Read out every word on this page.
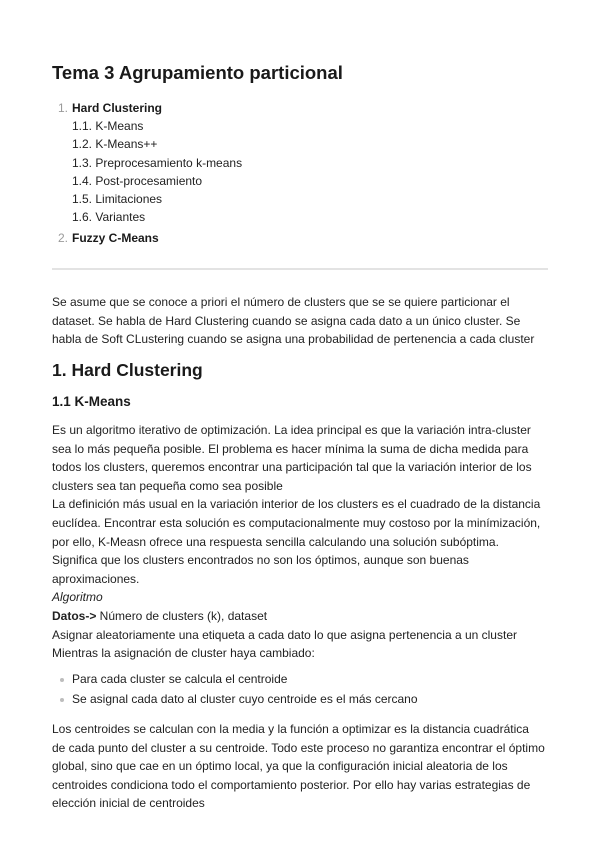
Tema 3 Agrupamiento particional
1. Hard Clustering
1.1. K-Means
1.2. K-Means++
1.3. Preprocesamiento k-means
1.4. Post-procesamiento
1.5. Limitaciones
1.6. Variantes
2. Fuzzy C-Means

Se asume que se conoce a priori el número de clusters que se se quiere particionar el
dataset. Se habla de Hard Clustering cuando se asigna cada dato a un único cluster. Se
habla de Soft CLustering cuando se asigna una probabilidad de pertenencia a cada cluster

1. Hard Clustering
1.1 K-Means

Es un algoritmo iterativo de optimización. La idea principal es que la variación intra-cluster
sea lo más pequeña posible. El problema es hacer mínima la suma de dicha medida para
todos los clusters, queremos encontrar una participación tal que la variación interior de los
clusters sea tan pequeña como sea posible
La definición más usual en la variación interior de los clusters es el cuadrado de la distancia
euclídea. Encontrar esta solución es computacionalmente muy costoso por la minímización,
por ello, K-Measn ofrece una respuesta sencilla calculando una solución subóptima.
Significa que los clusters encontrados no son los óptimos, aunque son buenas
aproximaciones.
Algoritmo
Datos-> Número de clusters (k), dataset
Asignar aleatoriamente una etiqueta a cada dato lo que asigna pertenencia a un cluster
Mientras la asignación de cluster haya cambiado:

Para cada cluster se calcula el centroide
Se asignal cada dato al cluster cuyo centroide es el más cercano

Los centroides se calculan con la media y la función a optimizar es la distancia cuadrática
de cada punto del cluster a su centroide. Todo este proceso no garantiza encontrar el óptimo
global, sino que cae en un óptimo local, ya que la configuración inicial aleatoria de los
centroides condiciona todo el comportamiento posterior. Por ello hay varias estrategias de
elección inicial de centroides
